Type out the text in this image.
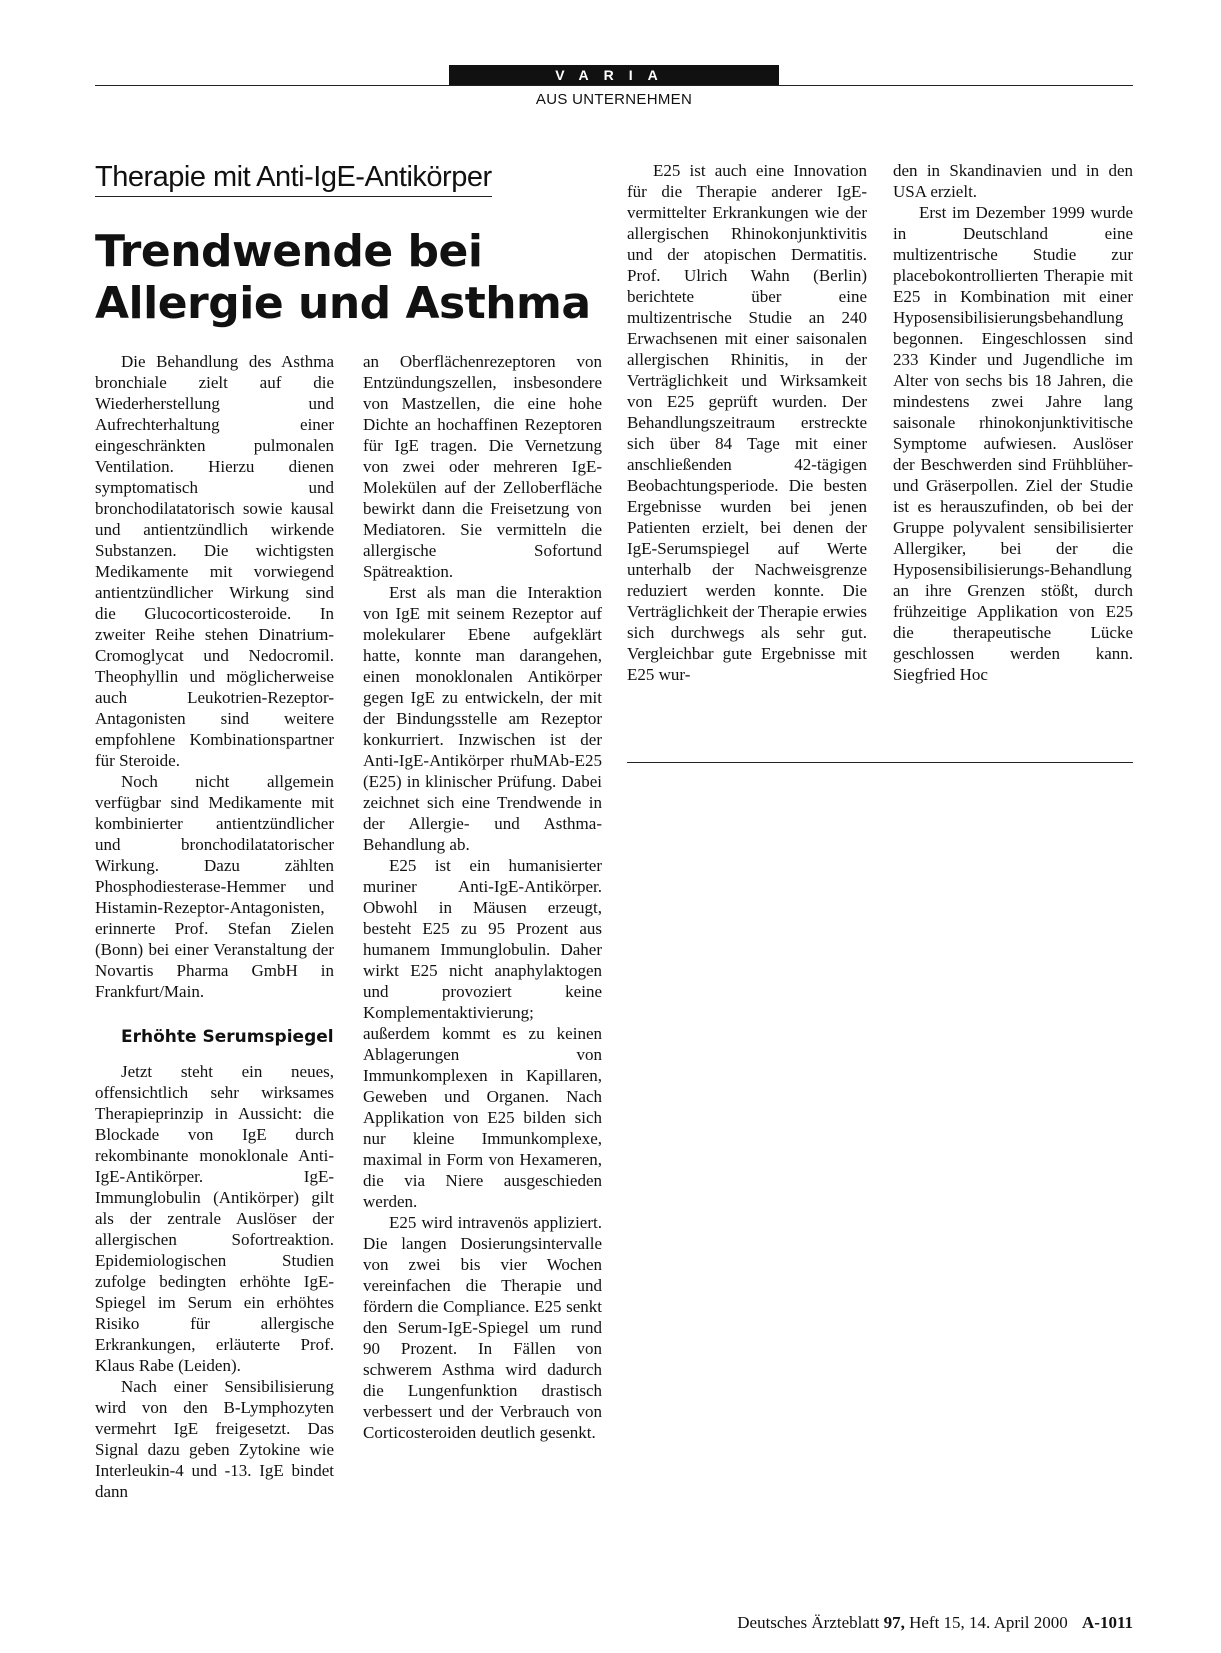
VARIA
AUS UNTERNEHMEN
Therapie mit Anti-IgE-Antikörper
Trendwende bei
Allergie und Asthma

Die Behandlung des Asthma bronchiale zielt auf die Wiederherstellung und Aufrechterhaltung einer eingeschränkten pulmonalen Ventilation. Hierzu dienen symptomatisch und bronchodilatatorisch sowie kausal und antientzündlich wirkende Substanzen. Die wichtigsten Medikamente mit vorwiegend antientzündlicher Wirkung sind die Glucocorticosteroide. In zweiter Reihe stehen Dinatrium-Cromoglycat und Nedocromil. Theophyllin und möglicherweise auch Leukotrien-Rezeptor-Antagonisten sind weitere empfohlene Kombinationspartner für Steroide.

Noch nicht allgemein verfügbar sind Medikamente mit kombinierter antientzündlicher und bronchodilatatorischer Wirkung. Dazu zählten Phosphodiesterase-Hemmer und Histamin-Rezeptor-Antagonisten, erinnerte Prof. Stefan Zielen (Bonn) bei einer Veranstaltung der Novartis Pharma GmbH in Frankfurt/Main.

Erhöhte Serumspiegel

Jetzt steht ein neues, offensichtlich sehr wirksames Therapieprinzip in Aussicht: die Blockade von IgE durch rekombinante monoklonale Anti-IgE-Antikörper. IgE-Immunglobulin (Antikörper) gilt als der zentrale Auslöser der allergischen Sofortreaktion. Epidemiologischen Studien zufolge bedingten erhöhte IgE-Spiegel im Serum ein erhöhtes Risiko für allergische Erkrankungen, erläuterte Prof. Klaus Rabe (Leiden).

Nach einer Sensibilisierung wird von den B-Lymphozyten vermehrt IgE freigesetzt. Das Signal dazu geben Zytokine wie Interleukin-4 und -13. IgE bindet dann

an Oberflächenrezeptoren von Entzündungszellen, insbesondere von Mastzellen, die eine hohe Dichte an hochaffinen Rezeptoren für IgE tragen. Die Vernetzung von zwei oder mehreren IgE-Molekülen auf der Zelloberfläche bewirkt dann die Freisetzung von Mediatoren. Sie vermitteln die allergische Sofortund Spätreaktion.

Erst als man die Interaktion von IgE mit seinem Rezeptor auf molekularer Ebene aufgeklärt hatte, konnte man darangehen, einen monoklonalen Antikörper gegen IgE zu entwickeln, der mit der Bindungsstelle am Rezeptor konkurriert. Inzwischen ist der Anti-IgE-Antikörper rhuMAb-E25 (E25) in klinischer Prüfung. Dabei zeichnet sich eine Trendwende in der Allergie- und Asthma-Behandlung ab.

E25 ist ein humanisierter muriner Anti-IgE-Antikörper. Obwohl in Mäusen erzeugt, besteht E25 zu 95 Prozent aus humanem Immunglobulin. Daher wirkt E25 nicht anaphylaktogen und provoziert keine Komplementaktivierung; außerdem kommt es zu keinen Ablagerungen von Immunkomplexen in Kapillaren, Geweben und Organen. Nach Applikation von E25 bilden sich nur kleine Immunkomplexe, maximal in Form von Hexameren, die via Niere ausgeschieden werden.

E25 wird intravenös appliziert. Die langen Dosierungsintervalle von zwei bis vier Wochen vereinfachen die Therapie und fördern die Compliance. E25 senkt den Serum-IgE-Spiegel um rund 90 Prozent. In Fällen von schwerem Asthma wird dadurch die Lungenfunktion drastisch verbessert und der Verbrauch von Corticosteroiden deutlich gesenkt.

E25 ist auch eine Innovation für die Therapie anderer IgE-vermittelter Erkrankungen wie der allergischen Rhinokonjunktivitis und der atopischen Dermatitis. Prof. Ulrich Wahn (Berlin) berichtete über eine multizentrische Studie an 240 Erwachsenen mit einer saisonalen allergischen Rhinitis, in der Verträglichkeit und Wirksamkeit von E25 geprüft wurden. Der Behandlungszeitraum erstreckte sich über 84 Tage mit einer anschließenden 42-tägigen Beobachtungsperiode. Die besten Ergebnisse wurden bei jenen Patienten erzielt, bei denen der IgE-Serumspiegel auf Werte unterhalb der Nachweisgrenze reduziert werden konnte. Die Verträglichkeit der Therapie erwies sich durchwegs als sehr gut. Vergleichbar gute Ergebnisse mit E25 wur-

den in Skandinavien und in den USA erzielt.

Erst im Dezember 1999 wurde in Deutschland eine multizentrische Studie zur placebokontrollierten Therapie mit E25 in Kombination mit einer Hyposensibilisierungsbehandlung begonnen. Eingeschlossen sind 233 Kinder und Jugendliche im Alter von sechs bis 18 Jahren, die mindestens zwei Jahre lang saisonale rhinokonjunktivitische Symptome aufwiesen. Auslöser der Beschwerden sind Frühblüher- und Gräserpollen. Ziel der Studie ist es herauszufinden, ob bei der Gruppe polyvalent sensibilisierter Allergiker, bei der die Hyposensibilisierungs-Behandlung an ihre Grenzen stößt, durch frühzeitige Applikation von E25 die therapeutische Lücke geschlossen werden kann. Siegfried Hoc

Deutsches Ärzteblatt 97, Heft 15, 14. April 2000 A-1011
